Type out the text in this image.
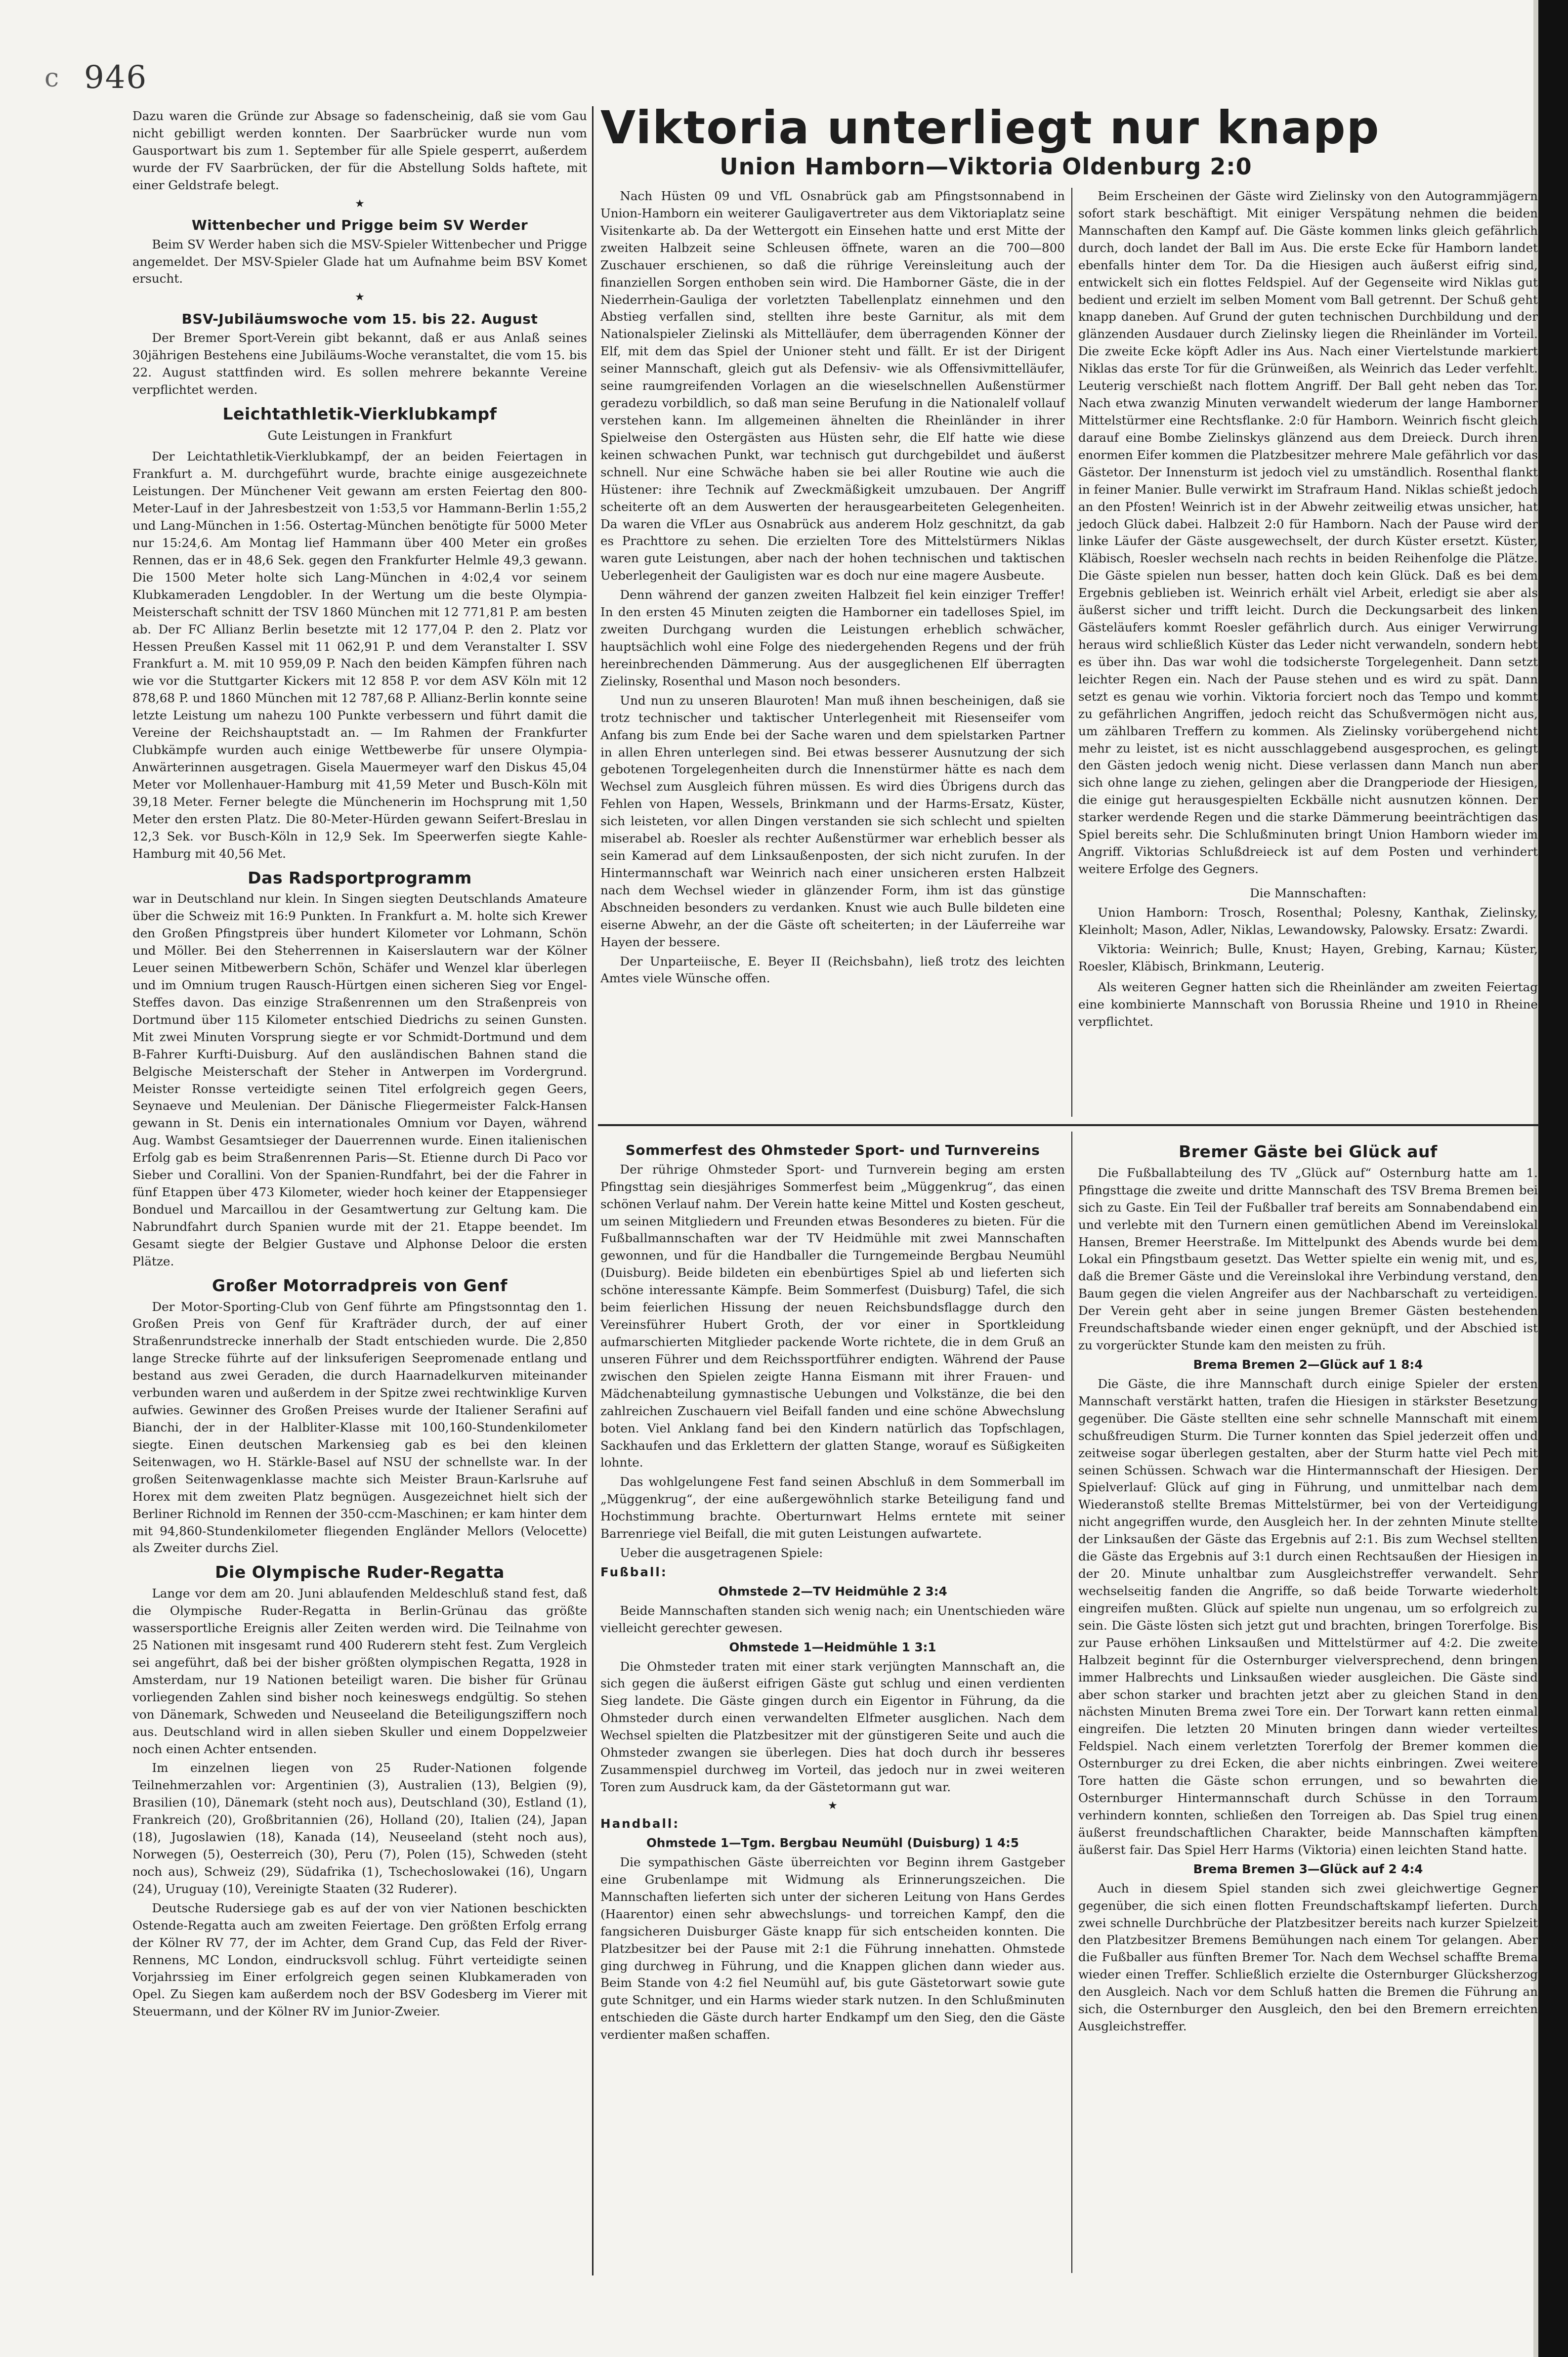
c 946

Dazu waren die Gründe zur Absage so fadenscheinig, daß sie vom Gau nicht gebilligt werden konnten. Der Saarbrücker wurde nun vom Gausportwart bis zum 1. September für alle Spiele gesperrt, außerdem wurde der FV Saarbrücken, der für die Abstellung Solds haftete, mit einer Geldstrafe belegt.

★
Wittenbecher und Prigge beim SV Werder

Beim SV Werder haben sich die MSV-Spieler Wittenbecher und Prigge angemeldet. Der MSV-Spieler Glade hat um Aufnahme beim BSV Komet ersucht.

★
BSV-Jubiläumswoche vom 15. bis 22. August

Der Bremer Sport-Verein gibt bekannt, daß er aus Anlaß seines 30jährigen Bestehens eine Jubiläums-Woche veranstaltet, die vom 15. bis 22. August stattfinden wird. Es sollen mehrere bekannte Vereine verpflichtet werden.

Leichtathletik-Vierklubkampf
Gute Leistungen in Frankfurt

Der Leichtathletik-Vierklubkampf, der an beiden Feiertagen in Frankfurt a. M. durchgeführt wurde, brachte einige ausgezeichnete Leistungen. Der Münchener Veit gewann am ersten Feiertag den 800-Meter-Lauf in der Jahresbestzeit von 1:53,5 vor Hammann-Berlin 1:55,2 und Lang-München in 1:56. Ostertag-München benötigte für 5000 Meter nur 15:24,6. Am Montag lief Hammann über 400 Meter ein großes Rennen, das er in 48,6 Sek. gegen den Frankfurter Helmle 49,3 gewann. Die 1500 Meter holte sich Lang-München in 4:02,4 vor seinem Klubkameraden Lengdobler. In der Wertung um die beste Olympia-Meisterschaft schnitt der TSV 1860 München mit 12 771,81 P. am besten ab. Der FC Allianz Berlin besetzte mit 12 177,04 P. den 2. Platz vor Hessen Preußen Kassel mit 11 062,91 P. und dem Veranstalter I. SSV Frankfurt a. M. mit 10 959,09 P. Nach den beiden Kämpfen führen nach wie vor die Stuttgarter Kickers mit 12 858 P. vor dem ASV Köln mit 12 878,68 P. und 1860 München mit 12 787,68 P. Allianz-Berlin konnte seine letzte Leistung um nahezu 100 Punkte verbessern und führt damit die Vereine der Reichshauptstadt an. — Im Rahmen der Frankfurter Clubkämpfe wurden auch einige Wettbewerbe für unsere Olympia-Anwärterinnen ausgetragen. Gisela Mauermeyer warf den Diskus 45,04 Meter vor Mollenhauer-Hamburg mit 41,59 Meter und Busch-Köln mit 39,18 Meter. Ferner belegte die Münchenerin im Hochsprung mit 1,50 Meter den ersten Platz. Die 80-Meter-Hürden gewann Seifert-Breslau in 12,3 Sek. vor Busch-Köln in 12,9 Sek. Im Speerwerfen siegte Kahle-Hamburg mit 40,56 Met.

Das Radsportprogramm

war in Deutschland nur klein. In Singen siegten Deutschlands Amateure über die Schweiz mit 16:9 Punkten. In Frankfurt a. M. holte sich Krewer den Großen Pfingstpreis über hundert Kilometer vor Lohmann, Schön und Möller. Bei den Steherrennen in Kaiserslautern war der Kölner Leuer seinen Mitbewerbern Schön, Schäfer und Wenzel klar überlegen und im Omnium trugen Rausch-Hürtgen einen sicheren Sieg vor Engel-Steffes davon. Das einzige Straßenrennen um den Straßenpreis von Dortmund über 115 Kilometer entschied Diedrichs zu seinen Gunsten. Mit zwei Minuten Vorsprung siegte er vor Schmidt-Dortmund und dem B-Fahrer Kurfti-Duisburg. Auf den ausländischen Bahnen stand die Belgische Meisterschaft der Steher in Antwerpen im Vordergrund. Meister Ronsse verteidigte seinen Titel erfolgreich gegen Geers, Seynaeve und Meulenian. Der Dänische Fliegermeister Falck-Hansen gewann in St. Denis ein internationales Omnium vor Dayen, während Aug. Wambst Gesamtsieger der Dauerrennen wurde. Einen italienischen Erfolg gab es beim Straßenrennen Paris—St. Etienne durch Di Paco vor Sieber und Corallini. Von der Spanien-Rundfahrt, bei der die Fahrer in fünf Etappen über 473 Kilometer, wieder hoch keiner der Etappensieger Bonduel und Marcaillou in der Gesamtwertung zur Geltung kam. Die Nabrundfahrt durch Spanien wurde mit der 21. Etappe beendet. Im Gesamt siegte der Belgier Gustave und Alphonse Deloor die ersten Plätze.

Großer Motorradpreis von Genf

Der Motor-Sporting-Club von Genf führte am Pfingstsonntag den 1. Großen Preis von Genf für Krafträder durch, der auf einer Straßenrundstrecke innerhalb der Stadt entschieden wurde. Die 2,850 lange Strecke führte auf der linksuferigen Seepromenade entlang und bestand aus zwei Geraden, die durch Haarnadelkurven miteinander verbunden waren und außerdem in der Spitze zwei rechtwinklige Kurven aufwies. Gewinner des Großen Preises wurde der Italiener Serafini auf Bianchi, der in der Halbliter-Klasse mit 100,160-Stundenkilometer siegte. Einen deutschen Markensieg gab es bei den kleinen Seitenwagen, wo H. Stärkle-Basel auf NSU der schnellste war. In der großen Seitenwagenklasse machte sich Meister Braun-Karlsruhe auf Horex mit dem zweiten Platz begnügen. Ausgezeichnet hielt sich der Berliner Richnold im Rennen der 350-ccm-Maschinen; er kam hinter dem mit 94,860-Stundenkilometer fliegenden Engländer Mellors (Velocette) als Zweiter durchs Ziel.

Die Olympische Ruder-Regatta

Lange vor dem am 20. Juni ablaufenden Meldeschluß stand fest, daß die Olympische Ruder-Regatta in Berlin-Grünau das größte wassersportliche Ereignis aller Zeiten werden wird. Die Teilnahme von 25 Nationen mit insgesamt rund 400 Ruderern steht fest. Zum Vergleich sei angeführt, daß bei der bisher größten olympischen Regatta, 1928 in Amsterdam, nur 19 Nationen beteiligt waren. Die bisher für Grünau vorliegenden Zahlen sind bisher noch keineswegs endgültig. So stehen von Dänemark, Schweden und Neuseeland die Beteiligungsziffern noch aus. Deutschland wird in allen sieben Skuller und einem Doppelzweier noch einen Achter entsenden.

Im einzelnen liegen von 25 Ruder-Nationen folgende Teilnehmerzahlen vor: Argentinien (3), Australien (13), Belgien (9), Brasilien (10), Dänemark (steht noch aus), Deutschland (30), Estland (1), Frankreich (20), Großbritannien (26), Holland (20), Italien (24), Japan (18), Jugoslawien (18), Kanada (14), Neuseeland (steht noch aus), Norwegen (5), Oesterreich (30), Peru (7), Polen (15), Schweden (steht noch aus), Schweiz (29), Südafrika (1), Tschechoslowakei (16), Ungarn (24), Uruguay (10), Vereinigte Staaten (32 Ruderer).

Deutsche Rudersiege gab es auf der von vier Nationen beschickten Ostende-Regatta auch am zweiten Feiertage. Den größten Erfolg errang der Kölner RV 77, der im Achter, dem Grand Cup, das Feld der River-Rennens, MC London, eindrucksvoll schlug. Führt verteidigte seinen Vorjahrssieg im Einer erfolgreich gegen seinen Klubkameraden von Opel. Zu Siegen kam außerdem noch der BSV Godesberg im Vierer mit Steuermann, und der Kölner RV im Junior-Zweier.

Viktoria unterliegt nur knapp
Union Hamborn—Viktoria Oldenburg 2:0

Nach Hüsten 09 und VfL Osnabrück gab am Pfingstsonnabend in Union-Hamborn ein weiterer Gauligavertreter aus dem Viktoriaplatz seine Visitenkarte ab. Da der Wettergott ein Einsehen hatte und erst Mitte der zweiten Halbzeit seine Schleusen öffnete, waren an die 700—800 Zuschauer erschienen, so daß die rührige Vereinsleitung auch der finanziellen Sorgen enthoben sein wird. Die Hamborner Gäste, die in der Niederrhein-Gauliga der vorletzten Tabellenplatz einnehmen und den Abstieg verfallen sind, stellten ihre beste Garnitur, als mit dem Nationalspieler Zielinski als Mittelläufer, dem überragenden Könner der Elf, mit dem das Spiel der Unioner steht und fällt. Er ist der Dirigent seiner Mannschaft, gleich gut als Defensiv- wie als Offensivmittelläufer, seine raumgreifenden Vorlagen an die wieselschnellen Außenstürmer geradezu vorbildlich, so daß man seine Berufung in die Nationalelf vollauf verstehen kann. Im allgemeinen ähnelten die Rheinländer in ihrer Spielweise den Ostergästen aus Hüsten sehr, die Elf hatte wie diese keinen schwachen Punkt, war technisch gut durchgebildet und äußerst schnell. Nur eine Schwäche haben sie bei aller Routine wie auch die Hüstener: ihre Technik auf Zweckmäßigkeit umzubauen. Der Angriff scheiterte oft an dem Auswerten der herausgearbeiteten Gelegenheiten. Da waren die VfLer aus Osnabrück aus anderem Holz geschnitzt, da gab es Prachttore zu sehen. Die erzielten Tore des Mittelstürmers Niklas waren gute Leistungen, aber nach der hohen technischen und taktischen Ueberlegenheit der Gauligisten war es doch nur eine magere Ausbeute.

Denn während der ganzen zweiten Halbzeit fiel kein einziger Treffer! In den ersten 45 Minuten zeigten die Hamborner ein tadelloses Spiel, im zweiten Durchgang wurden die Leistungen erheblich schwächer, hauptsächlich wohl eine Folge des niedergehenden Regens und der früh hereinbrechenden Dämmerung. Aus der ausgeglichenen Elf überragten Zielinsky, Rosenthal und Mason noch besonders.

Und nun zu unseren Blauroten! Man muß ihnen bescheinigen, daß sie trotz technischer und taktischer Unterlegenheit mit Riesenseifer vom Anfang bis zum Ende bei der Sache waren und dem spielstarken Partner in allen Ehren unterlegen sind. Bei etwas besserer Ausnutzung der sich gebotenen Torgelegenheiten durch die Innenstürmer hätte es nach dem Wechsel zum Ausgleich führen müssen. Es wird dies Übrigens durch das Fehlen von Hapen, Wessels, Brinkmann und der Harms-Ersatz, Küster, sich leisteten, vor allen Dingen verstanden sie sich schlecht und spielten miserabel ab. Roesler als rechter Außenstürmer war erheblich besser als sein Kamerad auf dem Linksaußenposten, der sich nicht zurufen. In der Hintermannschaft war Weinrich nach einer unsicheren ersten Halbzeit nach dem Wechsel wieder in glänzender Form, ihm ist das günstige Abschneiden besonders zu verdanken. Knust wie auch Bulle bildeten eine eiserne Abwehr, an der die Gäste oft scheiterten; in der Läuferreihe war Hayen der bessere.

Der Unparteiische, E. Beyer II (Reichsbahn), ließ trotz des leichten Amtes viele Wünsche offen.

Beim Erscheinen der Gäste wird Zielinsky von den Autogrammjägern sofort stark beschäftigt. Mit einiger Verspätung nehmen die beiden Mannschaften den Kampf auf. Die Gäste kommen links gleich gefährlich durch, doch landet der Ball im Aus. Die erste Ecke für Hamborn landet ebenfalls hinter dem Tor. Da die Hiesigen auch äußerst eifrig sind, entwickelt sich ein flottes Feldspiel. Auf der Gegenseite wird Niklas gut bedient und erzielt im selben Moment vom Ball getrennt. Der Schuß geht knapp daneben. Auf Grund der guten technischen Durchbildung und der glänzenden Ausdauer durch Zielinsky liegen die Rheinländer im Vorteil. Die zweite Ecke köpft Adler ins Aus. Nach einer Viertelstunde markiert Niklas das erste Tor für die Grünweißen, als Weinrich das Leder verfehlt. Leuterig verschießt nach flottem Angriff. Der Ball geht neben das Tor. Nach etwa zwanzig Minuten verwandelt wiederum der lange Hamborner Mittelstürmer eine Rechtsflanke. 2:0 für Hamborn. Weinrich fischt gleich darauf eine Bombe Zielinskys glänzend aus dem Dreieck. Durch ihren enormen Eifer kommen die Platzbesitzer mehrere Male gefährlich vor das Gästetor. Der Innensturm ist jedoch viel zu umständlich. Rosenthal flankt in feiner Manier. Bulle verwirkt im Strafraum Hand. Niklas schießt jedoch an den Pfosten! Weinrich ist in der Abwehr zeitweilig etwas unsicher, hat jedoch Glück dabei. Halbzeit 2:0 für Hamborn. Nach der Pause wird der linke Läufer der Gäste ausgewechselt, der durch Küster ersetzt. Küster, Kläbisch, Roesler wechseln nach rechts in beiden Reihenfolge die Plätze. Die Gäste spielen nun besser, hatten doch kein Glück. Daß es bei dem Ergebnis geblieben ist. Weinrich erhält viel Arbeit, erledigt sie aber als äußerst sicher und trifft leicht. Durch die Deckungsarbeit des linken Gästeläufers kommt Roesler gefährlich durch. Aus einiger Verwirrung heraus wird schließlich Küster das Leder nicht verwandeln, sondern hebt es über ihn. Das war wohl die todsicherste Torgelegenheit. Dann setzt leichter Regen ein. Nach der Pause stehen und es wird zu spät. Dann setzt es genau wie vorhin. Viktoria forciert noch das Tempo und kommt zu gefährlichen Angriffen, jedoch reicht das Schußvermögen nicht aus, um zählbaren Treffern zu kommen. Als Zielinsky vorübergehend nicht mehr zu leistet, ist es nicht ausschlaggebend ausgesprochen, es gelingt den Gästen jedoch wenig nicht. Diese verlassen dann Manch nun aber sich ohne lange zu ziehen, gelingen aber die Drangperiode der Hiesigen, die einige gut herausgespielten Eckbälle nicht ausnutzen können. Der starker werdende Regen und die starke Dämmerung beeinträchtigen das Spiel bereits sehr. Die Schlußminuten bringt Union Hamborn wieder im Angriff. Viktorias Schlußdreieck ist auf dem Posten und verhindert weitere Erfolge des Gegners.

Die Mannschaften:

Union Hamborn: Trosch, Rosenthal; Polesny, Kanthak, Zielinsky, Kleinholt; Mason, Adler, Niklas, Lewandowsky, Palowsky. Ersatz: Zwardi.

Viktoria: Weinrich; Bulle, Knust; Hayen, Grebing, Karnau; Küster, Roesler, Kläbisch, Brinkmann, Leuterig.

Als weiteren Gegner hatten sich die Rheinländer am zweiten Feiertag eine kombinierte Mannschaft von Borussia Rheine und 1910 in Rheine verpflichtet.

Sommerfest des Ohmsteder Sport- und Turnvereins

Der rührige Ohmsteder Sport- und Turnverein beging am ersten Pfingsttag sein diesjähriges Sommerfest beim „Müggenkrug“, das einen schönen Verlauf nahm. Der Verein hatte keine Mittel und Kosten gescheut, um seinen Mitgliedern und Freunden etwas Besonderes zu bieten. Für die Fußballmannschaften war der TV Heidmühle mit zwei Mannschaften gewonnen, und für die Handballer die Turngemeinde Bergbau Neumühl (Duisburg). Beide bildeten ein ebenbürtiges Spiel ab und lieferten sich schöne interessante Kämpfe. Beim Sommerfest (Duisburg) Tafel, die sich beim feierlichen Hissung der neuen Reichsbundsflagge durch den Vereinsführer Hubert Groth, der vor einer in Sportkleidung aufmarschierten Mitglieder packende Worte richtete, die in dem Gruß an unseren Führer und dem Reichssportführer endigten. Während der Pause zwischen den Spielen zeigte Hanna Eismann mit ihrer Frauen- und Mädchenabteilung gymnastische Uebungen und Volkstänze, die bei den zahlreichen Zuschauern viel Beifall fanden und eine schöne Abwechslung boten. Viel Anklang fand bei den Kindern natürlich das Topfschlagen, Sackhaufen und das Erklettern der glatten Stange, worauf es Süßigkeiten lohnte.

Das wohlgelungene Fest fand seinen Abschluß in dem Sommerball im „Müggenkrug“, der eine außergewöhnlich starke Beteiligung fand und Hochstimmung brachte. Oberturnwart Helms erntete mit seiner Barrenriege viel Beifall, die mit guten Leistungen aufwartete.

Ueber die ausgetragenen Spiele:

Fußball:

Ohmstede 2—TV Heidmühle 2 3:4

Beide Mannschaften standen sich wenig nach; ein Unentschieden wäre vielleicht gerechter gewesen.

Ohmstede 1—Heidmühle 1 3:1

Die Ohmsteder traten mit einer stark verjüngten Mannschaft an, die sich gegen die äußerst eifrigen Gäste gut schlug und einen verdienten Sieg landete. Die Gäste gingen durch ein Eigentor in Führung, da die Ohmsteder durch einen verwandelten Elfmeter ausglichen. Nach dem Wechsel spielten die Platzbesitzer mit der günstigeren Seite und auch die Ohmsteder zwangen sie überlegen. Dies hat doch durch ihr besseres Zusammenspiel durchweg im Vorteil, das jedoch nur in zwei weiteren Toren zum Ausdruck kam, da der Gästetormann gut war.

★

Handball:

Ohmstede 1—Tgm. Bergbau Neumühl (Duisburg) 1 4:5

Die sympathischen Gäste überreichten vor Beginn ihrem Gastgeber eine Grubenlampe mit Widmung als Erinnerungszeichen. Die Mannschaften lieferten sich unter der sicheren Leitung von Hans Gerdes (Haarentor) einen sehr abwechslungs- und torreichen Kampf, den die fangsicheren Duisburger Gäste knapp für sich entscheiden konnten. Die Platzbesitzer bei der Pause mit 2:1 die Führung innehatten. Ohmstede ging durchweg in Führung, und die Knappen glichen dann wieder aus. Beim Stande von 4:2 fiel Neumühl auf, bis gute Gästetorwart sowie gute gute Schnitger, und ein Harms wieder stark nutzen. In den Schlußminuten entschieden die Gäste durch harter Endkampf um den Sieg, den die Gäste verdienter maßen schaffen.

Bremer Gäste bei Glück auf

Die Fußballabteilung des TV „Glück auf“ Osternburg hatte am 1. Pfingsttage die zweite und dritte Mannschaft des TSV Brema Bremen bei sich zu Gaste. Ein Teil der Fußballer traf bereits am Sonnabendabend ein und verlebte mit den Turnern einen gemütlichen Abend im Vereinslokal Hansen, Bremer Heerstraße. Im Mittelpunkt des Abends wurde bei dem Lokal ein Pfingstbaum gesetzt. Das Wetter spielte ein wenig mit, und es, daß die Bremer Gäste und die Vereinslokal ihre Verbindung verstand, den Baum gegen die vielen Angreifer aus der Nachbarschaft zu verteidigen. Der Verein geht aber in seine jungen Bremer Gästen bestehenden Freundschaftsbande wieder einen enger geknüpft, und der Abschied ist zu vorgerückter Stunde kam den meisten zu früh.

Brema Bremen 2—Glück auf 1 8:4

Die Gäste, die ihre Mannschaft durch einige Spieler der ersten Mannschaft verstärkt hatten, trafen die Hiesigen in stärkster Besetzung gegenüber. Die Gäste stellten eine sehr schnelle Mannschaft mit einem schußfreudigen Sturm. Die Turner konnten das Spiel jederzeit offen und zeitweise sogar überlegen gestalten, aber der Sturm hatte viel Pech mit seinen Schüssen. Schwach war die Hintermannschaft der Hiesigen. Der Spielverlauf: Glück auf ging in Führung, und unmittelbar nach dem Wiederanstoß stellte Bremas Mittelstürmer, bei von der Verteidigung nicht angegriffen wurde, den Ausgleich her. In der zehnten Minute stellte der Linksaußen der Gäste das Ergebnis auf 2:1. Bis zum Wechsel stellten die Gäste das Ergebnis auf 3:1 durch einen Rechtsaußen der Hiesigen in der 20. Minute unhaltbar zum Ausgleichstreffer verwandelt. Sehr wechselseitig fanden die Angriffe, so daß beide Torwarte wiederholt eingreifen mußten. Glück auf spielte nun ungenau, um so erfolgreich zu sein. Die Gäste lösten sich jetzt gut und brachten, bringen Torerfolge. Bis zur Pause erhöhen Linksaußen und Mittelstürmer auf 4:2. Die zweite Halbzeit beginnt für die Osternburger vielversprechend, denn bringen immer Halbrechts und Linksaußen wieder ausgleichen. Die Gäste sind aber schon starker und brachten jetzt aber zu gleichen Stand in den nächsten Minuten Brema zwei Tore ein. Der Torwart kann retten einmal eingreifen. Die letzten 20 Minuten bringen dann wieder verteiltes Feldspiel. Nach einem verletzten Torerfolg der Bremer kommen die Osternburger zu drei Ecken, die aber nichts einbringen. Zwei weitere Tore hatten die Gäste schon errungen, und so bewahrten die Osternburger Hintermannschaft durch Schüsse in den Torraum verhindern konnten, schließen den Torreigen ab. Das Spiel trug einen äußerst freundschaftlichen Charakter, beide Mannschaften kämpften äußerst fair. Das Spiel Herr Harms (Viktoria) einen leichten Stand hatte.

Brema Bremen 3—Glück auf 2 4:4

Auch in diesem Spiel standen sich zwei gleichwertige Gegner gegenüber, die sich einen flotten Freundschaftskampf lieferten. Durch zwei schnelle Durchbrüche der Platzbesitzer bereits nach kurzer Spielzeit den Platzbesitzer Bremens Bemühungen nach einem Tor gelangen. Aber die Fußballer aus fünften Bremer Tor. Nach dem Wechsel schaffte Brema wieder einen Treffer. Schließlich erzielte die Osternburger Glücksherzog den Ausgleich. Nach vor dem Schluß hatten die Bremen die Führung an sich, die Osternburger den Ausgleich, den bei den Bremern erreichten Ausgleichstreffer.
